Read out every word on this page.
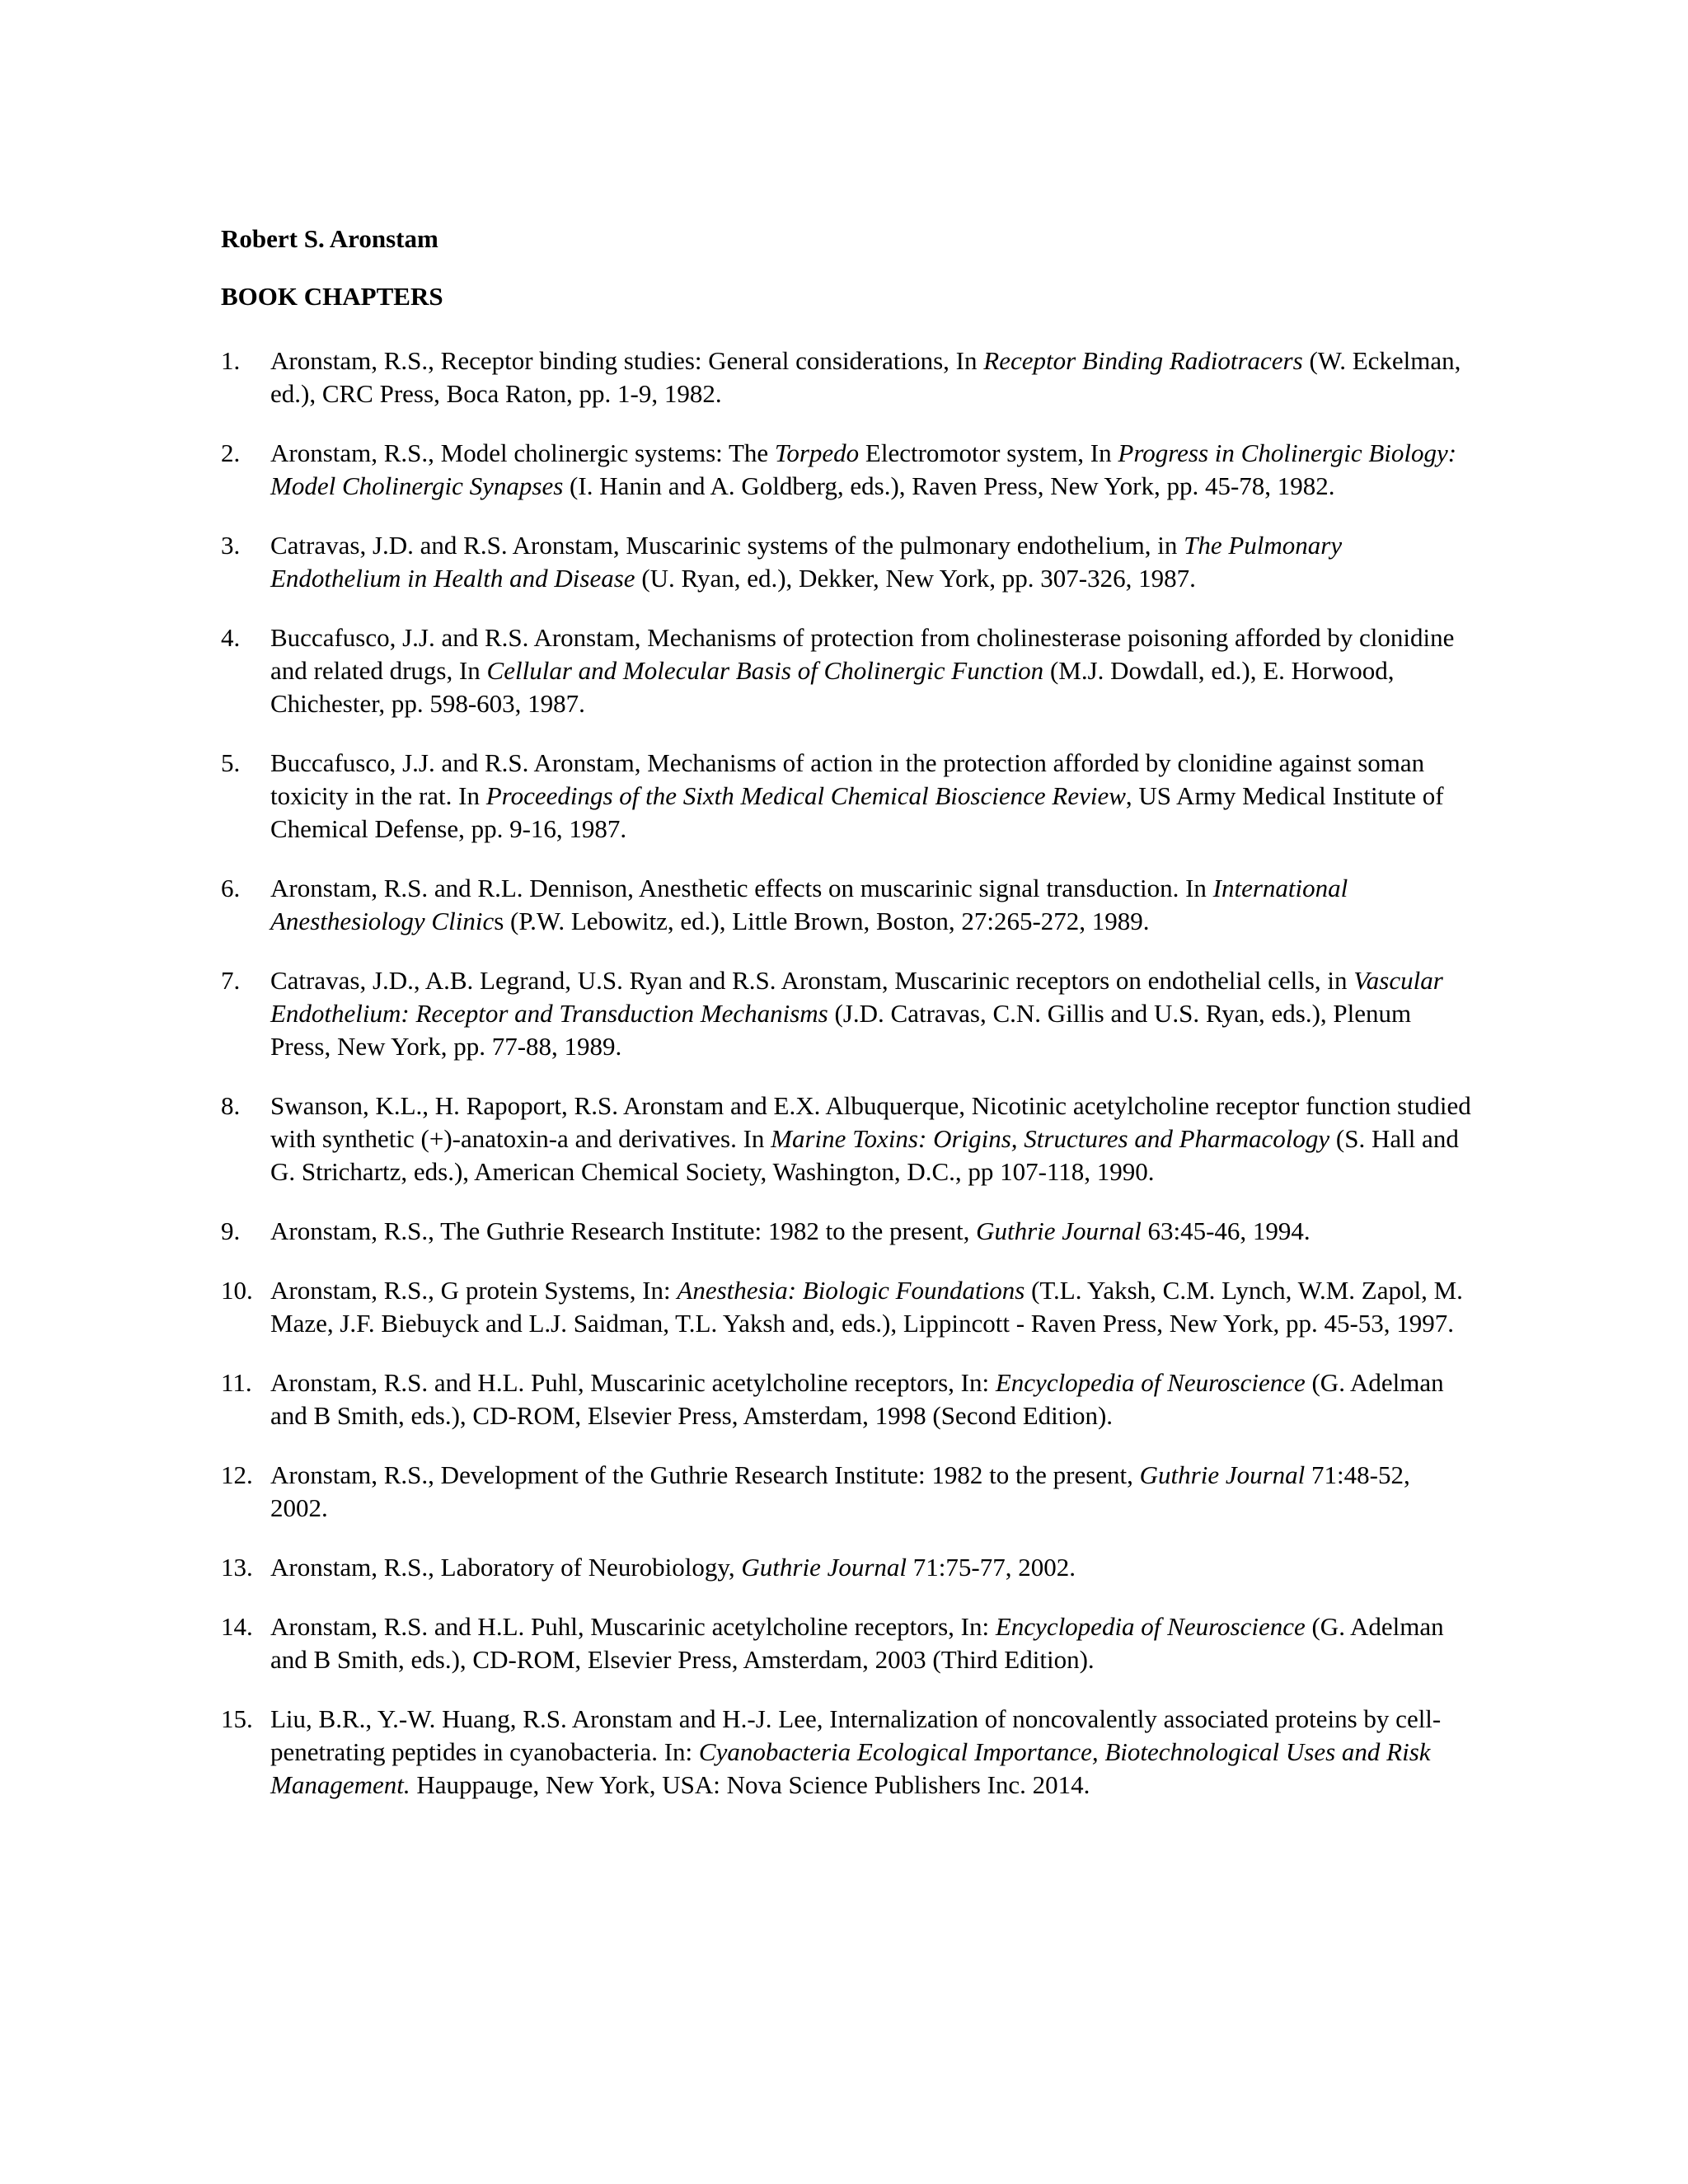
Robert S. Aronstam

BOOK CHAPTERS

1.	Aronstam, R.S., Receptor binding studies: General considerations, In Receptor Binding Radiotracers (W. Eckelman, ed.), CRC Press, Boca Raton, pp. 1-9, 1982.
2.	Aronstam, R.S., Model cholinergic systems: The Torpedo Electromotor system, In Progress in Cholinergic Biology: Model Cholinergic Synapses (I. Hanin and A. Goldberg, eds.), Raven Press, New York, pp. 45-78, 1982.
3.	Catravas, J.D. and R.S. Aronstam, Muscarinic systems of the pulmonary endothelium, in The Pulmonary Endothelium in Health and Disease (U. Ryan, ed.), Dekker, New York, pp. 307-326, 1987.
4.	Buccafusco, J.J. and R.S. Aronstam, Mechanisms of protection from cholinesterase poisoning afforded by clonidine and related drugs, In Cellular and Molecular Basis of Cholinergic Function (M.J. Dowdall, ed.), E. Horwood, Chichester, pp. 598-603, 1987.
5.	Buccafusco, J.J. and R.S. Aronstam, Mechanisms of action in the protection afforded by clonidine against soman toxicity in the rat. In Proceedings of the Sixth Medical Chemical Bioscience Review, US Army Medical Institute of Chemical Defense, pp. 9-16, 1987.
6.	Aronstam, R.S. and R.L. Dennison, Anesthetic effects on muscarinic signal transduction. In International Anesthesiology Clinics (P.W. Lebowitz, ed.), Little Brown, Boston, 27:265-272, 1989.
7.	Catravas, J.D., A.B. Legrand, U.S. Ryan and R.S. Aronstam, Muscarinic receptors on endothelial cells, in Vascular Endothelium: Receptor and Transduction Mechanisms (J.D. Catravas, C.N. Gillis and U.S. Ryan, eds.), Plenum Press, New York, pp. 77-88, 1989.
8.	Swanson, K.L., H. Rapoport, R.S. Aronstam and E.X. Albuquerque, Nicotinic acetylcholine receptor function studied with synthetic (+)-anatoxin-a and derivatives. In Marine Toxins: Origins, Structures and Pharmacology (S. Hall and G. Strichartz, eds.), American Chemical Society, Washington, D.C., pp 107-118, 1990.
9.	Aronstam, R.S., The Guthrie Research Institute: 1982 to the present, Guthrie Journal 63:45-46, 1994.
10. Aronstam, R.S., G protein Systems, In: Anesthesia: Biologic Foundations (T.L. Yaksh, C.M. Lynch, W.M. Zapol, M. Maze, J.F. Biebuyck and L.J. Saidman, T.L. Yaksh and, eds.), Lippincott - Raven Press, New York, pp. 45-53, 1997.
11. Aronstam, R.S. and H.L. Puhl, Muscarinic acetylcholine receptors, In: Encyclopedia of Neuroscience (G. Adelman and B Smith, eds.), CD-ROM, Elsevier Press, Amsterdam, 1998 (Second Edition).
12. Aronstam, R.S., Development of the Guthrie Research Institute: 1982 to the present, Guthrie Journal 71:48-52, 2002.
13. Aronstam, R.S., Laboratory of Neurobiology, Guthrie Journal 71:75-77, 2002.
14. Aronstam, R.S. and H.L. Puhl, Muscarinic acetylcholine receptors, In: Encyclopedia of Neuroscience (G. Adelman and B Smith, eds.), CD-ROM, Elsevier Press, Amsterdam, 2003 (Third Edition).
15. Liu, B.R., Y.-W. Huang, R.S. Aronstam and H.-J. Lee, Internalization of noncovalently associated proteins by cell-penetrating peptides in cyanobacteria. In: Cyanobacteria Ecological Importance, Biotechnological Uses and Risk Management. Hauppauge, New York, USA: Nova Science Publishers Inc. 2014.
